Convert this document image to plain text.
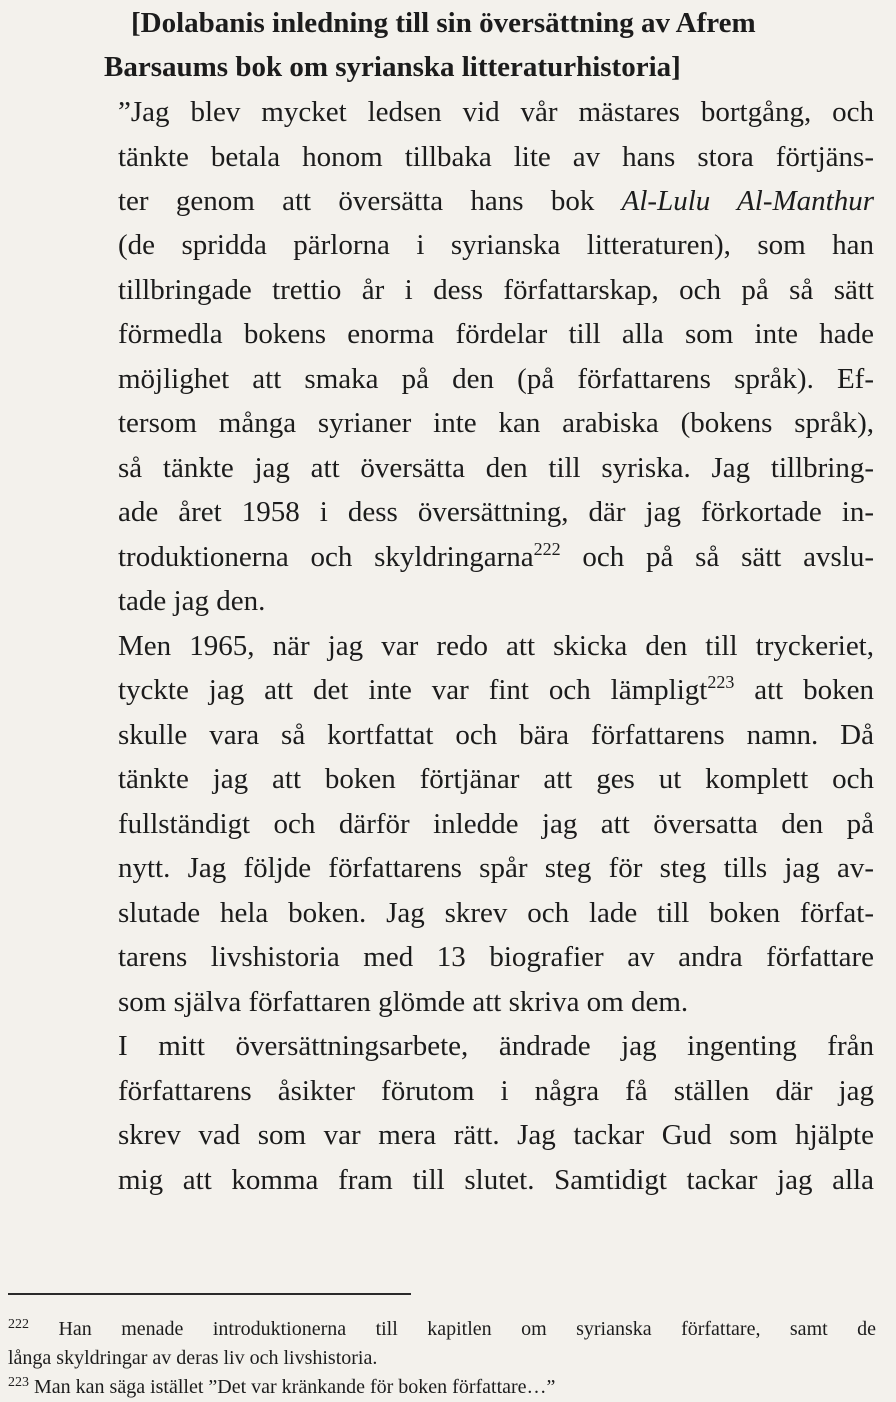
[Dolabanis inledning till sin översättning av Afrem
Barsaums bok om syrianska litteraturhistoria]
”Jag blev mycket ledsen vid vår mästares bortgång, och
tänkte betala honom tillbaka lite av hans stora förtjäns-
ter genom att översätta hans bok Al-Lulu Al-Manthur
(de spridda pärlorna i syrianska litteraturen), som han
tillbringade trettio år i dess författarskap, och på så sätt
förmedla bokens enorma fördelar till alla som inte hade
möjlighet att smaka på den (på författarens språk). Ef-
tersom många syrianer inte kan arabiska (bokens språk),
så tänkte jag att översätta den till syriska. Jag tillbring-
ade året 1958 i dess översättning, där jag förkortade in-
troduktionerna och skyldringarna$^{222}$ och på så sätt avslu-
tade jag den.
Men 1965, när jag var redo att skicka den till tryckeriet,
tyckte jag att det inte var fint och lämpligt$^{223}$ att boken
skulle vara så kortfattat och bära författarens namn. Då
tänkte jag att boken förtjänar att ges ut komplett och
fullständigt och därför inledde jag att översatta den på
nytt. Jag följde författarens spår steg för steg tills jag av-
slutade hela boken. Jag skrev och lade till boken förfat-
tarens livshistoria med 13 biografier av andra författare
som själva författaren glömde att skriva om dem.
I mitt översättningsarbete, ändrade jag ingenting från
författarens åsikter förutom i några få ställen där jag
skrev vad som var mera rätt. Jag tackar Gud som hjälpte
mig att komma fram till slutet. Samtidigt tackar jag alla
$^{222}$ Han menade introduktionerna till kapitlen om syrianska författare, samt de
långa skyldringar av deras liv och livshistoria.
$^{223}$ Man kan säga istället ”Det var kränkande för boken författare…”
